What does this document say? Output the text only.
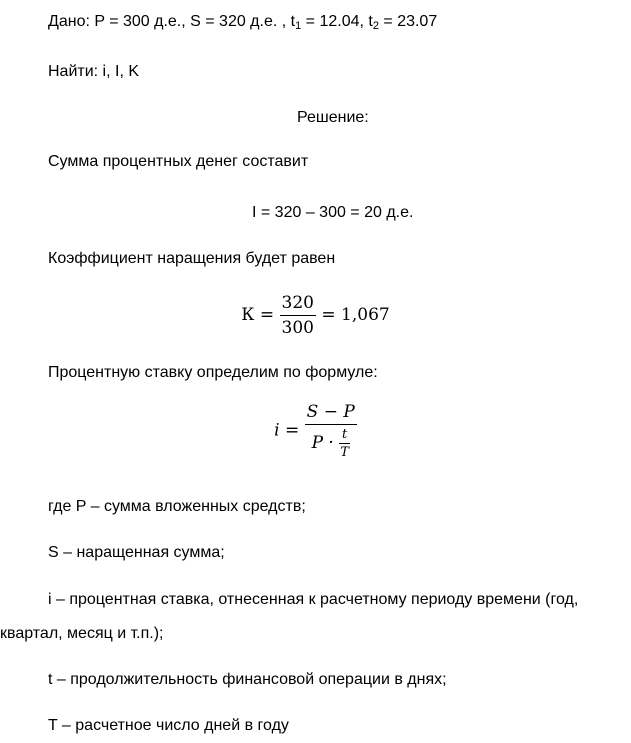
Дано: P = 300 д.е., S = 320 д.е. , $t_1 = 12.04$, $t_2 = 23.07$
Найти: i, I, K
Решение:
Сумма процентных денег составит
I = 320 – 300 = 20 д.е.
Коэффициент наращения будет равен
$К = \frac{320}{300} = 1,067$
Процентную ставку определим по формуле:
$i = \frac{S - P}{P \cdot \frac{t}{T}}$
где P – сумма вложенных средств;
S – наращенная сумма;
i – процентная ставка, отнесенная к расчетному периоду времени (год,
квартал, месяц и т.п.);
t – продолжительность финансовой операции в днях;
T – расчетное число дней в году
